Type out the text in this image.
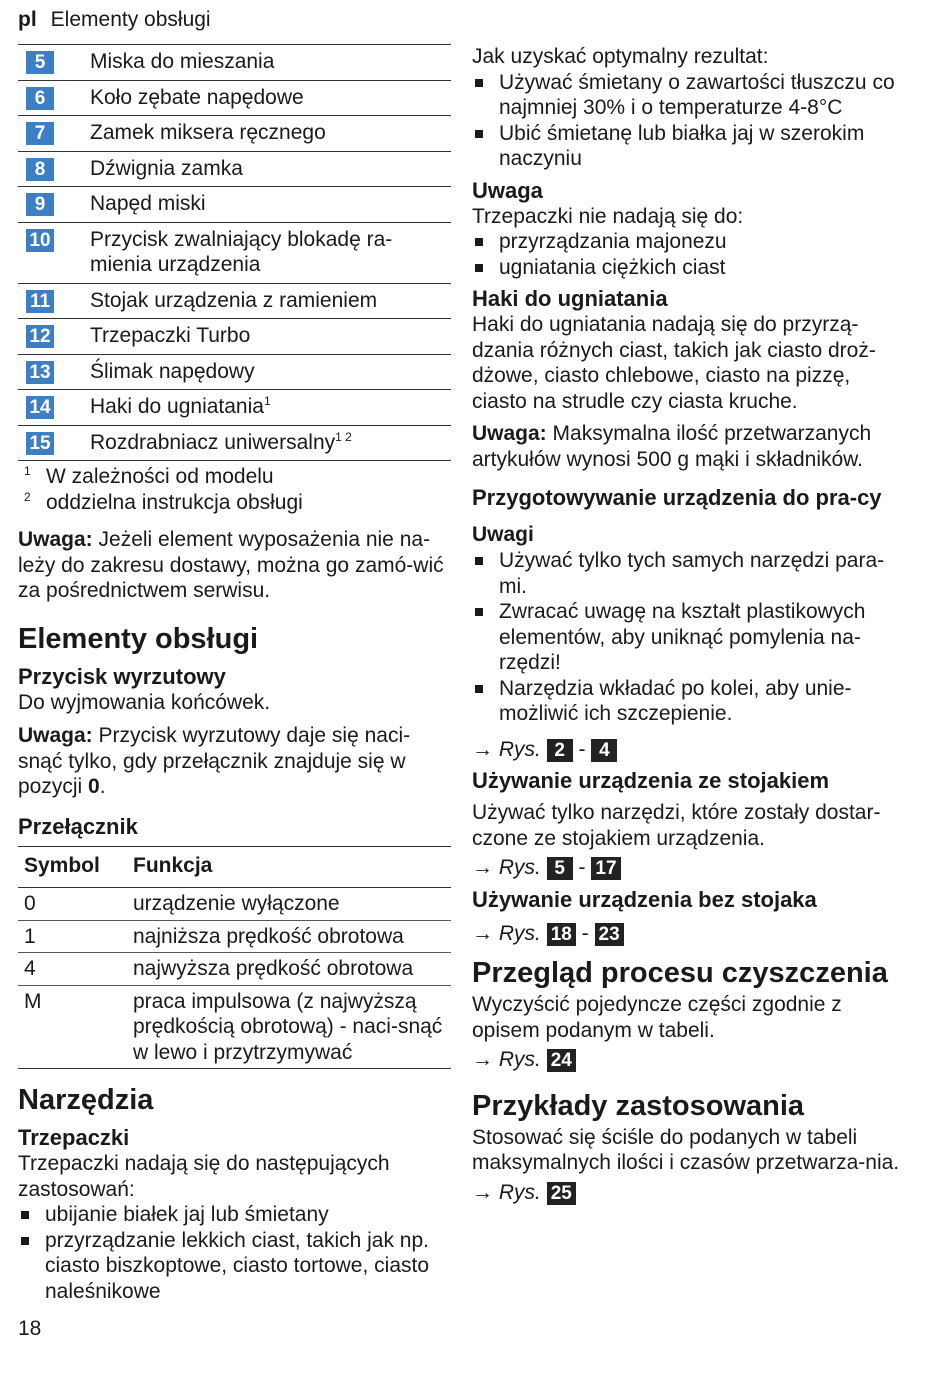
pl Elementy obsługi
5	Miska do mieszania
6	Koło zębate napędowe
7	Zamek miksera ręcznego
8	Dźwignia zamka
9	Napęd miski
10	Przycisk zwalniający blokadę ra-mienia urządzenia
11	Stojak urządzenia z ramieniem
12	Trzepaczki Turbo
13	Ślimak napędowy
14	Haki do ugniatania$^1$
15	Rozdrabniacz uniwersalny$^{1 2}$
$^1$ W zależności od modelu
$^2$ oddzielna instrukcja obsługi

Uwaga: Jeżeli element wyposażenia nie na-leży do zakresu dostawy, można go zamó-wić za pośrednictwem serwisu.

Elementy obsługi
Przycisk wyrzutowy

Do wyjmowania końcówek.

Uwaga: Przycisk wyrzutowy daje się naci-snąć tylko, gdy przełącznik znajduje się w pozycji 0.

Przełącznik
Symbol	Funkcja
0	urządzenie wyłączone
1	najniższa prędkość obrotowa
4	najwyższa prędkość obrotowa
M	praca impulsowa (z najwyższą prędkością obrotową) - naci-snąć w lewo i przytrzymywać
Narzędzia
Trzepaczki

Trzepaczki nadają się do następujących zastosowań:

ubijanie białek jaj lub śmietany
przyrządzanie lekkich ciast, takich jak np. ciasto biszkoptowe, ciasto tortowe, ciasto naleśnikowe

Jak uzyskać optymalny rezultat:

Używać śmietany o zawartości tłuszczu co najmniej 30% i o temperaturze 4-8°C
Ubić śmietanę lub białka jaj w szerokim naczyniu
Uwaga

Trzepaczki nie nadają się do:

przyrządzania majonezu
ugniatania ciężkich ciast
Haki do ugniatania

Haki do ugniatania nadają się do przyrzą-dzania różnych ciast, takich jak ciasto droż-dżowe, ciasto chlebowe, ciasto na pizzę, ciasto na strudle czy ciasta kruche.

Uwaga: Maksymalna ilość przetwarzanych artykułów wynosi 500 g mąki i składników.

Przygotowywanie urządzenia do pra-cy
Uwagi
Używać tylko tych samych narzędzi para-mi.
Zwracać uwagę na kształt plastikowych elementów, aby uniknąć pomylenia na-rzędzi!
Narzędzia wkładać po kolei, aby unie-możliwić ich szczepienie.

→ Rys. 2 - 4

Używanie urządzenia ze stojakiem

Używać tylko narzędzi, które zostały dostar-czone ze stojakiem urządzenia.

→ Rys. 5 - 17

Używanie urządzenia bez stojaka

→ Rys. 18 - 23

Przegląd procesu czyszczenia

Wyczyścić pojedyncze części zgodnie z opisem podanym w tabeli.

→ Rys. 24

Przykłady zastosowania

Stosować się ściśle do podanych w tabeli maksymalnych ilości i czasów przetwarza-nia.

→ Rys. 25

18
